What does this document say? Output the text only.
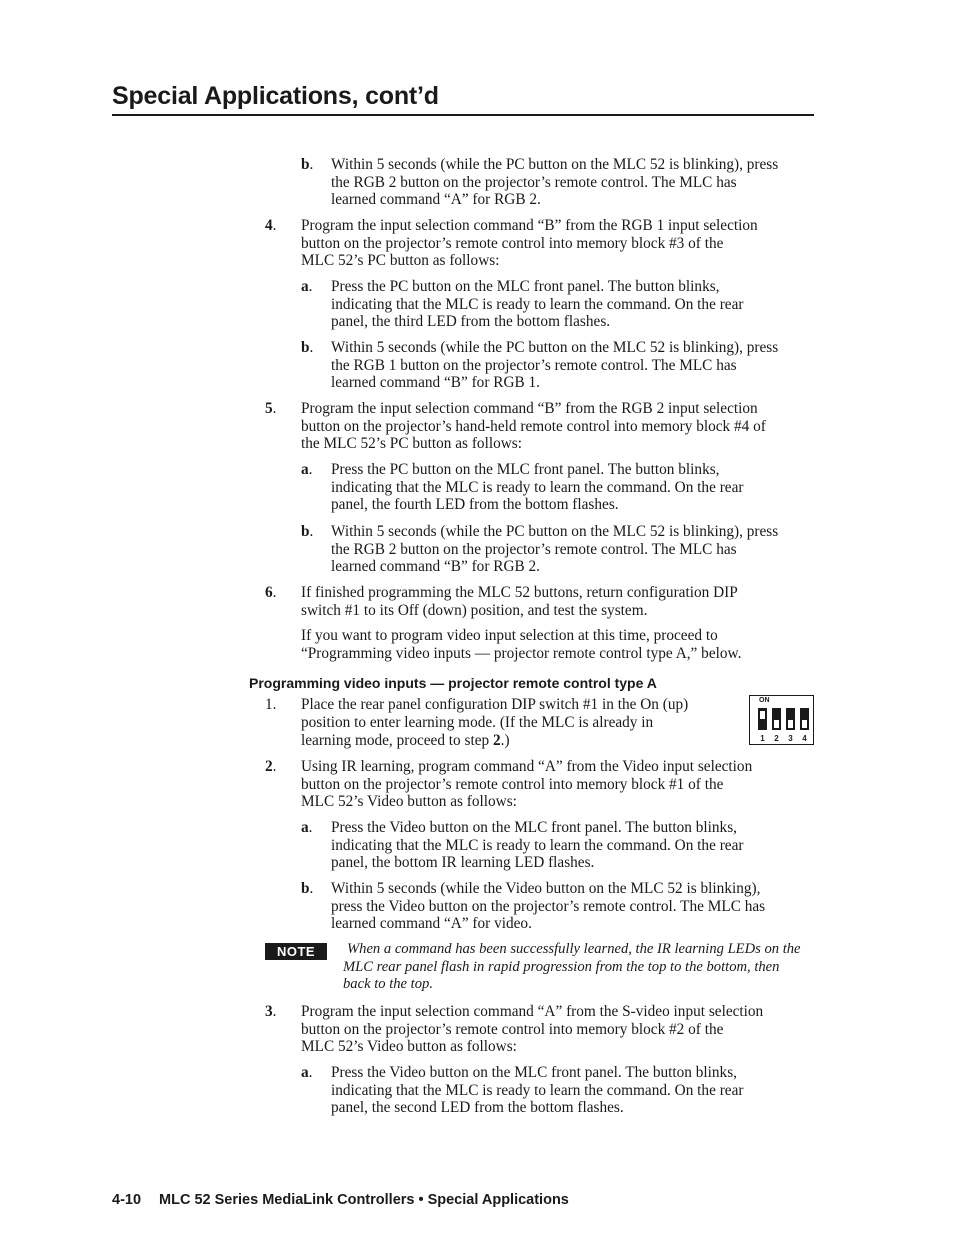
Special Applications, cont’d
b. Within 5 seconds (while the PC button on the MLC 52 is blinking), press
the RGB 2 button on the projector’s remote control. The MLC has
learned command “A” for RGB 2.
4. Program the input selection command “B” from the RGB 1 input selection
button on the projector’s remote control into memory block #3 of the
MLC 52’s PC button as follows:
a. Press the PC button on the MLC front panel. The button blinks,
indicating that the MLC is ready to learn the command. On the rear
panel, the third LED from the bottom flashes.
b. Within 5 seconds (while the PC button on the MLC 52 is blinking), press
the RGB 1 button on the projector’s remote control. The MLC has
learned command “B” for RGB 1.
5. Program the input selection command “B” from the RGB 2 input selection
button on the projector’s hand-held remote control into memory block #4 of
the MLC 52’s PC button as follows:
a. Press the PC button on the MLC front panel. The button blinks,
indicating that the MLC is ready to learn the command. On the rear
panel, the fourth LED from the bottom flashes.
b. Within 5 seconds (while the PC button on the MLC 52 is blinking), press
the RGB 2 button on the projector’s remote control. The MLC has
learned command “B” for RGB 2.
6. If finished programming the MLC 52 buttons, return configuration DIP
switch #1 to its Off (down) position, and test the system.
If you want to program video input selection at this time, proceed to
“Programming video inputs — projector remote control type A,” below.
Programming video inputs — projector remote control type A
1. Place the rear panel configuration DIP switch #1 in the On (up)
position to enter learning mode. (If the MLC is already in
learning mode, proceed to step 2.)
ON
1 2 3 4
2. Using IR learning, program command “A” from the Video input selection
button on the projector’s remote control into memory block #1 of the
MLC 52’s Video button as follows:
a. Press the Video button on the MLC front panel. The button blinks,
indicating that the MLC is ready to learn the command. On the rear
panel, the bottom IR learning LED flashes.
b. Within 5 seconds (while the Video button on the MLC 52 is blinking),
press the Video button on the projector’s remote control. The MLC has
learned command “A” for video.
3. Program the input selection command “A” from the S-video input selection
button on the projector’s remote control into memory block #2 of the
MLC 52’s Video button as follows:
a. Press the Video button on the MLC front panel. The button blinks,
indicating that the MLC is ready to learn the command. On the rear
panel, the second LED from the bottom flashes.
NOTE	When a command has been successfully learned, the IR learning LEDs on the
MLC rear panel flash in rapid progression from the top to the bottom, then
back to the top.
4-10 MLC 52 Series MediaLink Controllers • Special Applications
